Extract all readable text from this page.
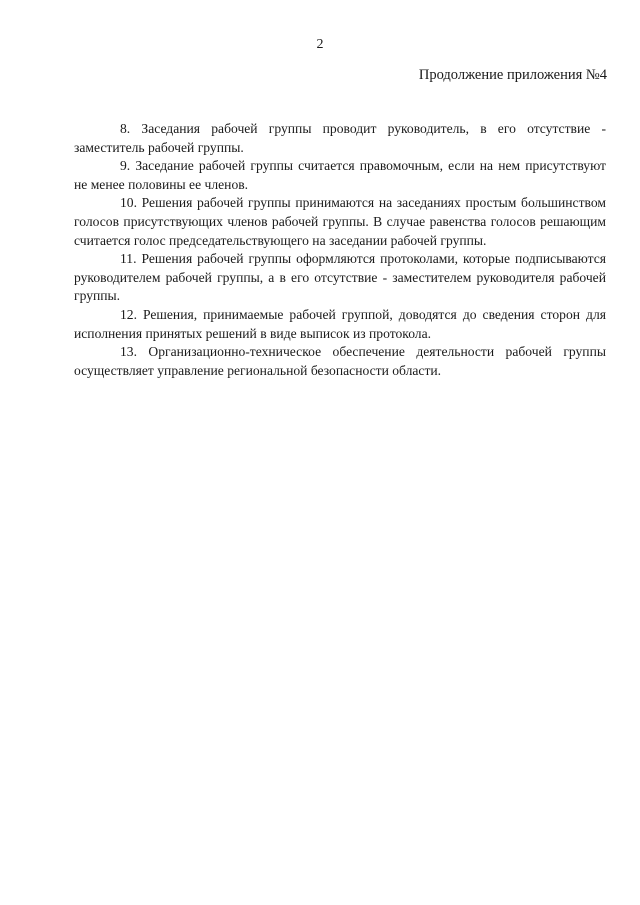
2
Продолжение приложения №4

8. Заседания рабочей группы проводит руководитель, в его отсутствие - заместитель рабочей группы.

9. Заседание рабочей группы считается правомочным, если на нем присутствуют не менее половины ее членов.

10. Решения рабочей группы принимаются на заседаниях простым большинством голосов присутствующих членов рабочей группы. В случае равенства голосов решающим считается голос председательствующего на заседании рабочей группы.

11. Решения рабочей группы оформляются протоколами, которые подписываются руководителем рабочей группы, а в его отсутствие - заместителем руководителя рабочей группы.

12. Решения, принимаемые рабочей группой, доводятся до сведения сторон для исполнения принятых решений в виде выписок из протокола.

13. Организационно-техническое обеспечение деятельности рабочей группы осуществляет управление региональной безопасности области.
